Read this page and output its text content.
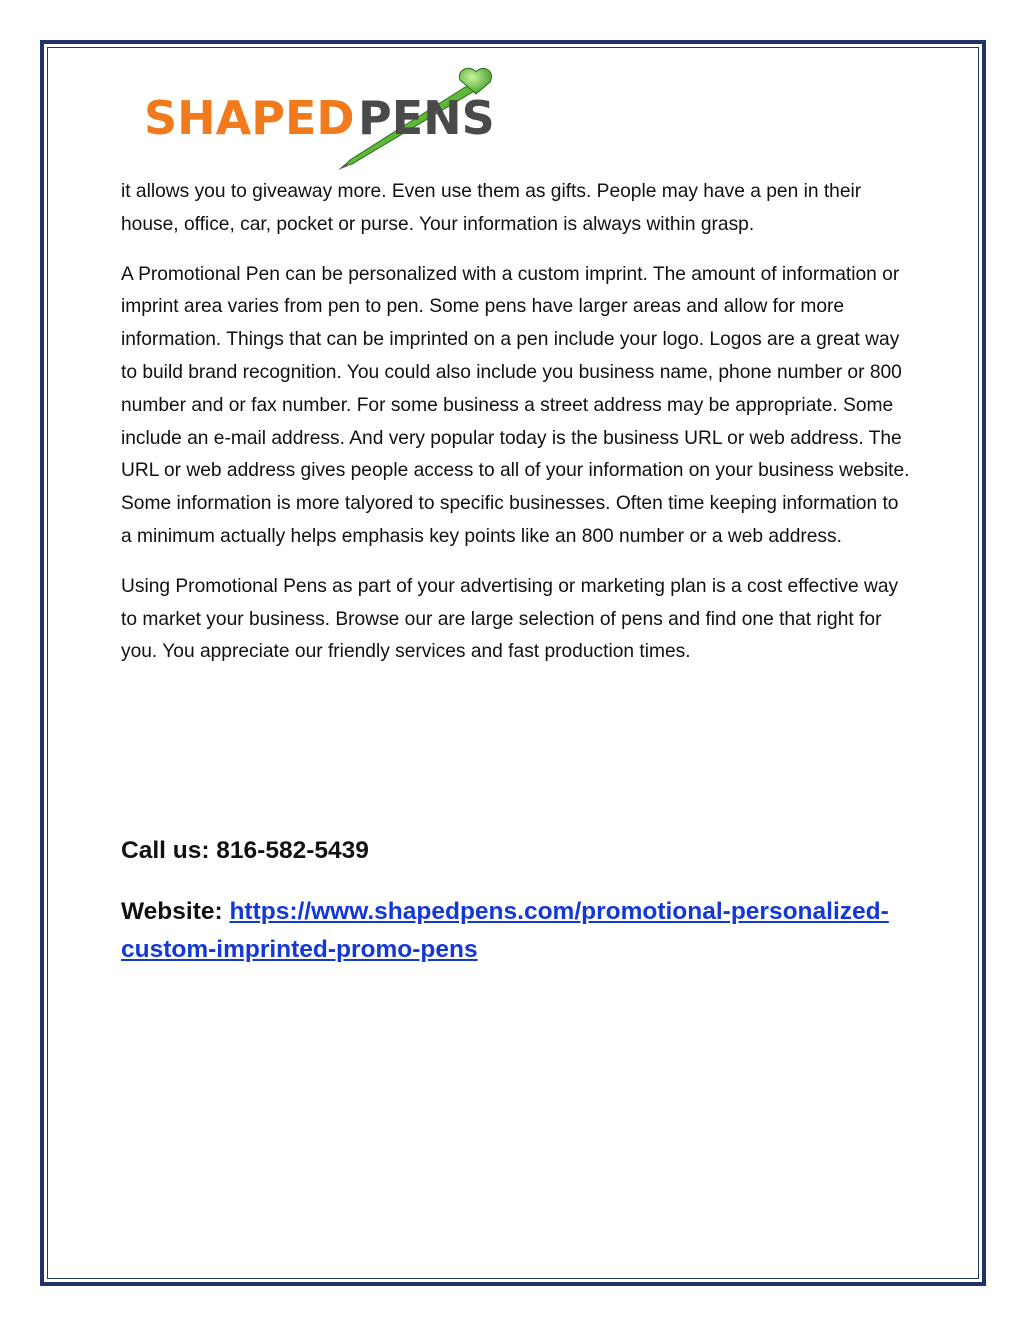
SHAPED PENS

it allows you to giveaway more. Even use them as gifts. People may have a pen in their house, office, car, pocket or purse. Your information is always within grasp.

A Promotional Pen can be personalized with a custom imprint. The amount of information or imprint area varies from pen to pen. Some pens have larger areas and allow for more information. Things that can be imprinted on a pen include your logo. Logos are a great way to build brand recognition. You could also include you business name, phone number or 800 number and or fax number. For some business a street address may be appropriate. Some include an e-mail address. And very popular today is the business URL or web address. The URL or web address gives people access to all of your information on your business website. Some information is more talyored to specific businesses. Often time keeping information to a minimum actually helps emphasis key points like an 800 number or a web address.

Using Promotional Pens as part of your advertising or marketing plan is a cost effective way to market your business. Browse our are large selection of pens and find one that right for you. You appreciate our friendly services and fast production times.

Call us: 816-582-5439
Website: https://www.shapedpens.com/promotional-personalized-custom-imprinted-promo-pens
